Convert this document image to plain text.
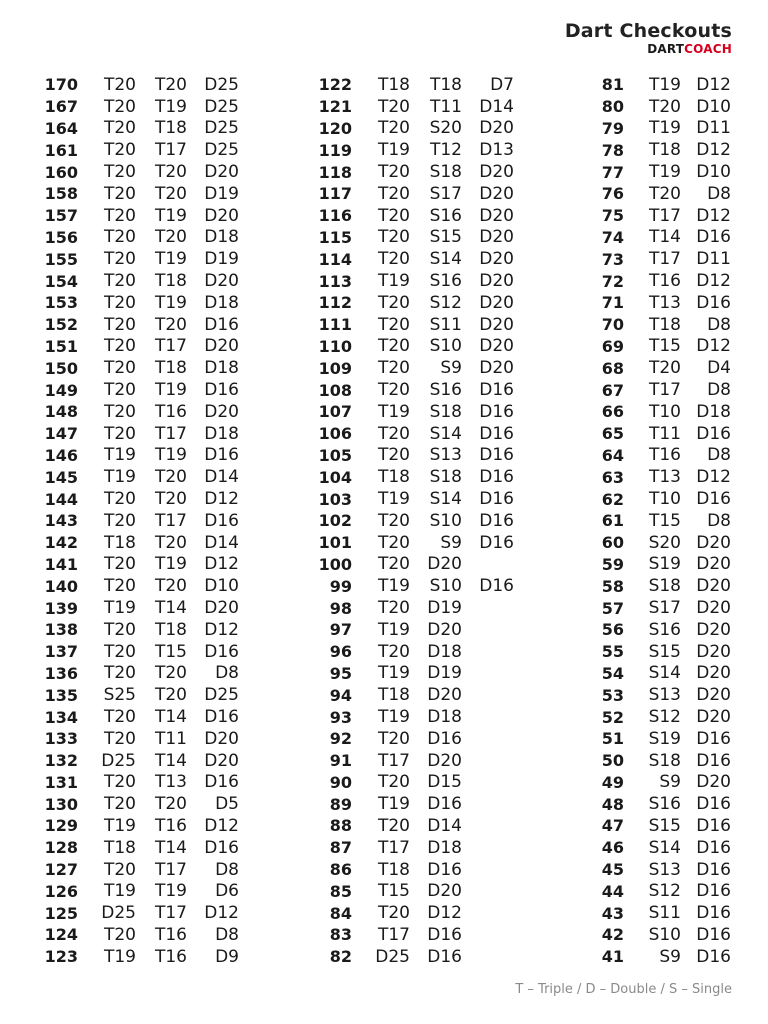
Dart Checkouts
DARTCOACH
170	T20	T20	D25
167	T20	T19	D25
164	T20	T18	D25
161	T20	T17	D25
160	T20	T20	D20
158	T20	T20	D19
157	T20	T19	D20
156	T20	T20	D18
155	T20	T19	D19
154	T20	T18	D20
153	T20	T19	D18
152	T20	T20	D16
151	T20	T17	D20
150	T20	T18	D18
149	T20	T19	D16
148	T20	T16	D20
147	T20	T17	D18
146	T19	T19	D16
145	T19	T20	D14
144	T20	T20	D12
143	T20	T17	D16
142	T18	T20	D14
141	T20	T19	D12
140	T20	T20	D10
139	T19	T14	D20
138	T20	T18	D12
137	T20	T15	D16
136	T20	T20	D8
135	S25	T20	D25
134	T20	T14	D16
133	T20	T11	D20
132	D25	T14	D20
131	T20	T13	D16
130	T20	T20	D5
129	T19	T16	D12
128	T18	T14	D16
127	T20	T17	D8
126	T19	T19	D6
125	D25	T17	D12
124	T20	T16	D8
123	T19	T16	D9
122	T18	T18	D7
121	T20	T11	D14
120	T20	S20	D20
119	T19	T12	D13
118	T20	S18	D20
117	T20	S17	D20
116	T20	S16	D20
115	T20	S15	D20
114	T20	S14	D20
113	T19	S16	D20
112	T20	S12	D20
111	T20	S11	D20
110	T20	S10	D20
109	T20	S9	D20
108	T20	S16	D16
107	T19	S18	D16
106	T20	S14	D16
105	T20	S13	D16
104	T18	S18	D16
103	T19	S14	D16
102	T20	S10	D16
101	T20	S9	D16
100	T20	D20
99	T19	S10	D16
98	T20	D19
97	T19	D20
96	T20	D18
95	T19	D19
94	T18	D20
93	T19	D18
92	T20	D16
91	T17	D20
90	T20	D15
89	T19	D16
88	T20	D14
87	T17	D18
86	T18	D16
85	T15	D20
84	T20	D12
83	T17	D16
82	D25	D16
81	T19 D12
80	T20 D10
79	T19 D11
78	T18 D12
77	T19 D10
76	T20	D8
75	T17 D12
74	T14 D16
73	T17 D11
72	T16 D12
71	T13 D16
70	T18	D8
69	T15 D12
68	T20	D4
67	T17	D8
66	T10 D18
65	T11 D16
64	T16	D8
63	T13 D12
62	T10 D16
61	T15	D8
60	S20 D20
59	S19 D20
58	S18 D20
57	S17 D20
56	S16 D20
55	S15 D20
54	S14 D20
53	S13 D20
52	S12 D20
51	S19 D16
50	S18 D16
49	S9 D20
48	S16 D16
47	S15 D16
46	S14 D16
45	S13 D16
44	S12 D16
43	S11 D16
42	S10 D16
41	S9 D16
T – Triple / D – Double / S – Single
